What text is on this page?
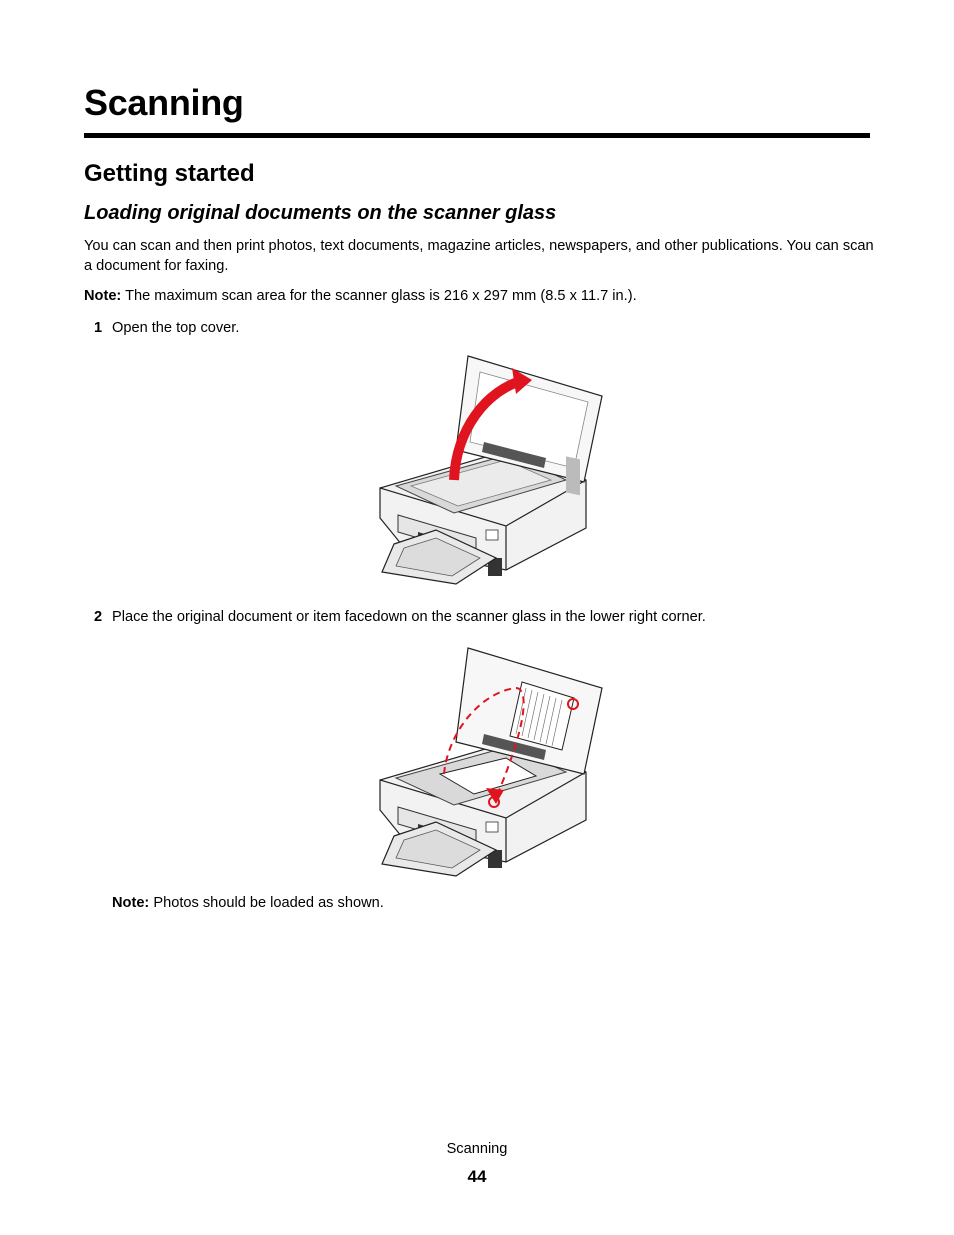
Scanning
Getting started
Loading original documents on the scanner glass

You can scan and then print photos, text documents, magazine articles, newspapers, and other publications. You can scan a document for faxing.

Note: The maximum scan area for the scanner glass is 216 x 297 mm (8.5 x 11.7 in.).

1 Open the top cover.
2 Place the original document or item facedown on the scanner glass in the lower right corner.

Note: Photos should be loaded as shown.

Scanning
44
